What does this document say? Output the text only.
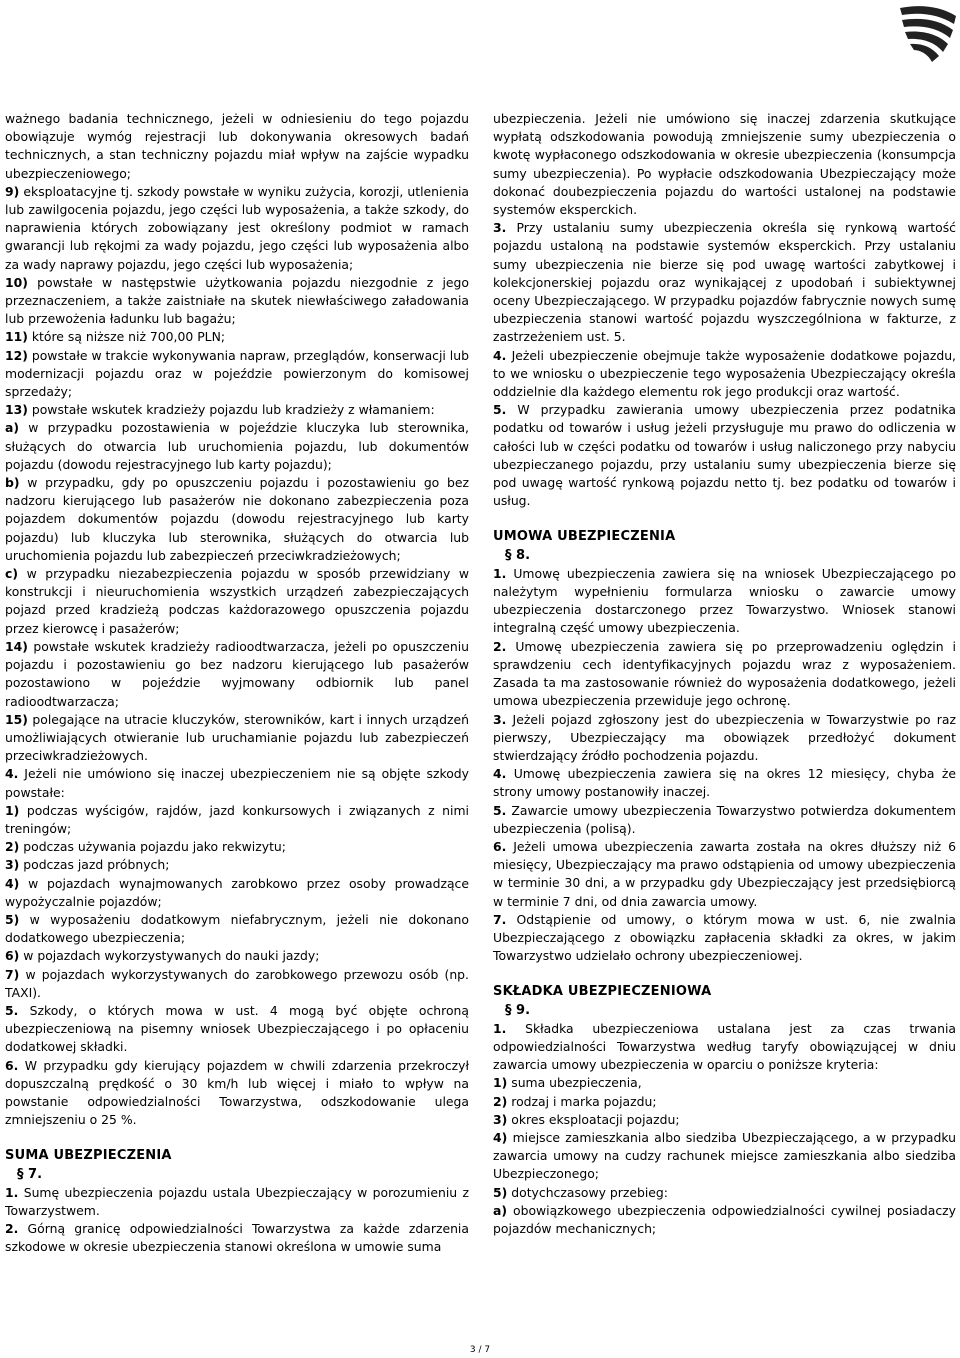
ważnego badania technicznego, jeżeli w odniesieniu do tego pojazdu obowiązuje wymóg rejestracji lub dokonywania okresowych badań technicznych, a stan techniczny pojazdu miał wpływ na zajście wypadku ubezpieczeniowego;

9) eksploatacyjne tj. szkody powstałe w wyniku zużycia, korozji, utlenienia lub zawilgocenia pojazdu, jego części lub wyposażenia, a także szkody, do naprawienia których zobowiązany jest określony podmiot w ramach gwarancji lub rękojmi za wady pojazdu, jego części lub wyposażenia albo za wady naprawy pojazdu, jego części lub wyposażenia;

10) powstałe w następstwie użytkowania pojazdu niezgodnie z jego przeznaczeniem, a także zaistniałe na skutek niewłaściwego załadowania lub przewożenia ładunku lub bagażu;

11) które są niższe niż 700,00 PLN;

12) powstałe w trakcie wykonywania napraw, przeglądów, konserwacji lub modernizacji pojazdu oraz w pojeździe powierzonym do komisowej sprzedaży;

13) powstałe wskutek kradzieży pojazdu lub kradzieży z włamaniem:

a) w przypadku pozostawienia w pojeździe kluczyka lub sterownika, służących do otwarcia lub uruchomienia pojazdu, lub dokumentów pojazdu (dowodu rejestracyjnego lub karty pojazdu);

b) w przypadku, gdy po opuszczeniu pojazdu i pozostawieniu go bez nadzoru kierującego lub pasażerów nie dokonano zabezpieczenia poza pojazdem dokumentów pojazdu (dowodu rejestracyjnego lub karty pojazdu) lub kluczyka lub sterownika, służących do otwarcia lub uruchomienia pojazdu lub zabezpieczeń przeciwkradzieżowych;

c) w przypadku niezabezpieczenia pojazdu w sposób przewidziany w konstrukcji i nieuruchomienia wszystkich urządzeń zabezpieczających pojazd przed kradzieżą podczas każdorazowego opuszczenia pojazdu przez kierowcę i pasażerów;

14) powstałe wskutek kradzieży radioodtwarzacza, jeżeli po opuszczeniu pojazdu i pozostawieniu go bez nadzoru kierującego lub pasażerów pozostawiono w pojeździe wyjmowany odbiornik lub panel radioodtwarzacza;

15) polegające na utracie kluczyków, sterowników, kart i innych urządzeń umożliwiających otwieranie lub uruchamianie pojazdu lub zabezpieczeń przeciwkradzieżowych.

4. Jeżeli nie umówiono się inaczej ubezpieczeniem nie są objęte szkody powstałe:

1) podczas wyścigów, rajdów, jazd konkursowych i związanych z nimi treningów;

2) podczas używania pojazdu jako rekwizytu;

3) podczas jazd próbnych;

4) w pojazdach wynajmowanych zarobkowo przez osoby prowadzące wypożyczalnie pojazdów;

5) w wyposażeniu dodatkowym niefabrycznym, jeżeli nie dokonano dodatkowego ubezpieczenia;

6) w pojazdach wykorzystywanych do nauki jazdy;

7) w pojazdach wykorzystywanych do zarobkowego przewozu osób (np. TAXI).

5. Szkody, o których mowa w ust. 4 mogą być objęte ochroną ubezpieczeniową na pisemny wniosek Ubezpieczającego i po opłaceniu dodatkowej składki.

6. W przypadku gdy kierujący pojazdem w chwili zdarzenia przekroczył dopuszczalną prędkość o 30 km/h lub więcej i miało to wpływ na powstanie odpowiedzialności Towarzystwa, odszkodowanie ulega zmniejszeniu o 25 %.

SUMA UBEZPIECZENIA

§ 7.

1. Sumę ubezpieczenia pojazdu ustala Ubezpieczający w porozumieniu z Towarzystwem.

2. Górną granicę odpowiedzialności Towarzystwa za każde zdarzenia szkodowe w okresie ubezpieczenia stanowi określona w umowie suma

ubezpieczenia. Jeżeli nie umówiono się inaczej zdarzenia skutkujące wypłatą odszkodowania powodują zmniejszenie sumy ubezpieczenia o kwotę wypłaconego odszkodowania w okresie ubezpieczenia (konsumpcja sumy ubezpieczenia). Po wypłacie odszkodowania Ubezpieczający może dokonać doubezpieczenia pojazdu do wartości ustalonej na podstawie systemów eksperckich.

3. Przy ustalaniu sumy ubezpieczenia określa się rynkową wartość pojazdu ustaloną na podstawie systemów eksperckich. Przy ustalaniu sumy ubezpieczenia nie bierze się pod uwagę wartości zabytkowej i kolekcjonerskiej pojazdu oraz wynikającej z upodobań i subiektywnej oceny Ubezpieczającego. W przypadku pojazdów fabrycznie nowych sumę ubezpieczenia stanowi wartość pojazdu wyszczególniona w fakturze, z zastrzeżeniem ust. 5.

4. Jeżeli ubezpieczenie obejmuje także wyposażenie dodatkowe pojazdu, to we wniosku o ubezpieczenie tego wyposażenia Ubezpieczający określa oddzielnie dla każdego elementu rok jego produkcji oraz wartość.

5. W przypadku zawierania umowy ubezpieczenia przez podatnika podatku od towarów i usług jeżeli przysługuje mu prawo do odliczenia w całości lub w części podatku od towarów i usług naliczonego przy nabyciu ubezpieczanego pojazdu, przy ustalaniu sumy ubezpieczenia bierze się pod uwagę wartość rynkową pojazdu netto tj. bez podatku od towarów i usług.

UMOWA UBEZPIECZENIA

§ 8.

1. Umowę ubezpieczenia zawiera się na wniosek Ubezpieczającego po należytym wypełnieniu formularza wniosku o zawarcie umowy ubezpieczenia dostarczonego przez Towarzystwo. Wniosek stanowi integralną część umowy ubezpieczenia.

2. Umowę ubezpieczenia zawiera się po przeprowadzeniu oględzin i sprawdzeniu cech identyfikacyjnych pojazdu wraz z wyposażeniem. Zasada ta ma zastosowanie również do wyposażenia dodatkowego, jeżeli umowa ubezpieczenia przewiduje jego ochronę.

3. Jeżeli pojazd zgłoszony jest do ubezpieczenia w Towarzystwie po raz pierwszy, Ubezpieczający ma obowiązek przedłożyć dokument stwierdzający źródło pochodzenia pojazdu.

4. Umowę ubezpieczenia zawiera się na okres 12 miesięcy, chyba że strony umowy postanowiły inaczej.

5. Zawarcie umowy ubezpieczenia Towarzystwo potwierdza dokumentem ubezpieczenia (polisą).

6. Jeżeli umowa ubezpieczenia zawarta została na okres dłuższy niż 6 miesięcy, Ubezpieczający ma prawo odstąpienia od umowy ubezpieczenia w terminie 30 dni, a w przypadku gdy Ubezpieczający jest przedsiębiorcą w terminie 7 dni, od dnia zawarcia umowy.

7. Odstąpienie od umowy, o którym mowa w ust. 6, nie zwalnia Ubezpieczającego z obowiązku zapłacenia składki za okres, w jakim Towarzystwo udzielało ochrony ubezpieczeniowej.

SKŁADKA UBEZPIECZENIOWA

§ 9.

1. Składka ubezpieczeniowa ustalana jest za czas trwania odpowiedzialności Towarzystwa według taryfy obowiązującej w dniu zawarcia umowy ubezpieczenia w oparciu o poniższe kryteria:

1) suma ubezpieczenia,

2) rodzaj i marka pojazdu;

3) okres eksploatacji pojazdu;

4) miejsce zamieszkania albo siedziba Ubezpieczającego, a w przypadku zawarcia umowy na cudzy rachunek miejsce zamieszkania albo siedziba Ubezpieczonego;

5) dotychczasowy przebieg:

a) obowiązkowego ubezpieczenia odpowiedzialności cywilnej posiadaczy pojazdów mechanicznych;

3 / 7
